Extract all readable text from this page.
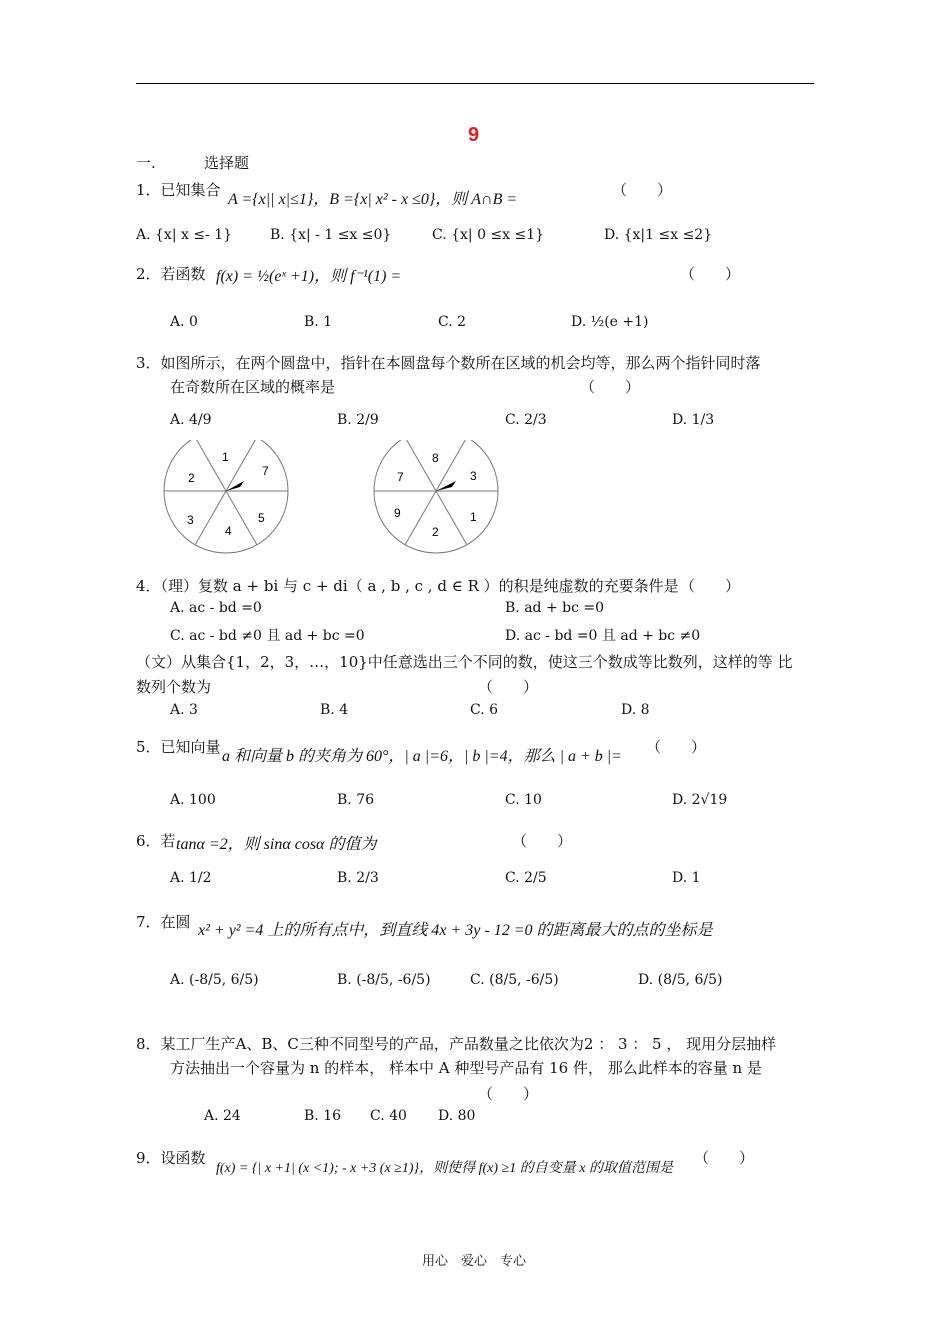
9
一.	选择题
1．已知集合
A ={x|| x|≤1}，B ={x| x² - x ≤0}，则 A∩B =
（　　）
A. {x| x ≤- 1}	B. {x| - 1 ≤x ≤0}	C. {x| 0 ≤x ≤1}	D. {x|1 ≤x ≤2}
2．若函数 f(x) = ½(eˣ +1)，则 f⁻¹(1) =	（　　）
A. 0	B. 1	C. 2	D. ½(e +1)
3．如图所示，在两个圆盘中，指针在本圆盘每个数所在区域的机会均等，那么两个指针同时落
在奇数所在区域的概率是	（　　）
A. 4/9	B. 2/9	C. 2/3	D. 1/3
1
7
5
4
3
2
8
3
1
2
9
7
4．（理）复数 a + bi 与 c + di（ a , b , c , d ∈ R ）的积是纯虚数的充要条件是 （　　）
A. ac - bd =0	B. ad + bc =0
C. ac - bd ≠0 且 ad + bc =0	D. ac - bd =0 且 ad + bc ≠0
（文）从集合{1，2，3，…，10}中任意选出三个不同的数，使这三个数成等比数列，这样的等 比
数列个数为	（　　）
A. 3	B. 4	C. 6	D. 8
5．已知向量
a 和向量 b 的夹角为 60°，| a |=6，| b |=4，那么 | a + b |=
（　　）
A. 100	B. 76	C. 10	D. 2√19
6．若 tanα =2，则 sinα cosα 的值为	（　　）
A. 1/2	B. 2/3	C. 2/5	D. 1
7．在圆 x² + y² =4 上的所有点中，到直线 4x + 3y - 12 =0 的距离最大的点的坐标是
A. (-8/5, 6/5)	B. (-8/5, -6/5)	C. (8/5, -6/5)	D. (8/5, 6/5)
8．某工厂生产A、B、C三种不同型号的产品，产品数量之比依次为2 ： 3 ： 5 ， 现用分层抽样
方法抽出一个容量为 n 的样本， 样本中 A 种型号产品有 16 件， 那么此样本的容量 n 是
（　　）
A. 24	B. 16 C. 40 D. 80
9．设函数
f(x) = {| x +1| (x <1); - x +3 (x ≥1)}，则使得 f(x) ≥1 的自变量 x 的取值范围是
（　　）
用心　爱心　专心
